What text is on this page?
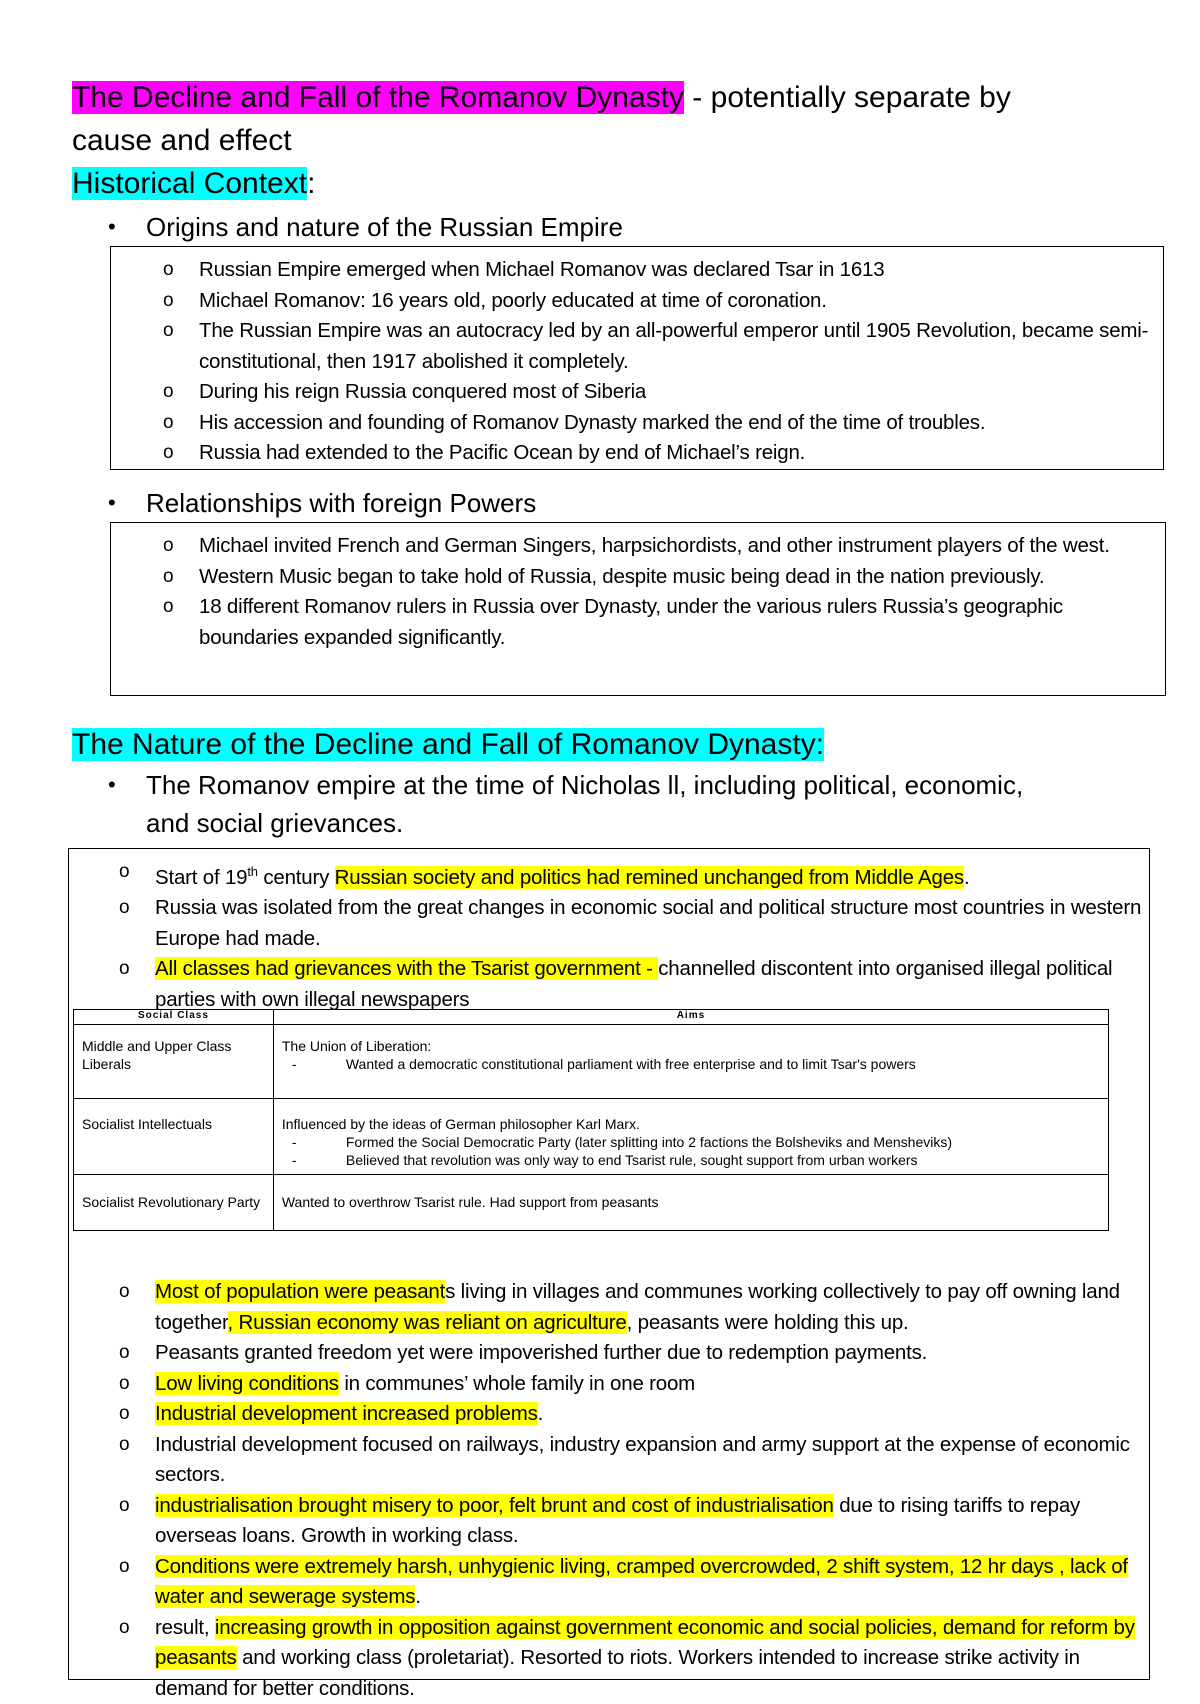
The Decline and Fall of the Romanov Dynasty - potentially separate by
cause and effect
Historical Context:
• Origins and nature of the Russian Empire
o Russian Empire emerged when Michael Romanov was declared Tsar in 1613
o Michael Romanov: 16 years old, poorly educated at time of coronation.
o The Russian Empire was an autocracy led by an all-powerful emperor until 1905 Revolution, became semi- constitutional, then 1917 abolished it completely.
o During his reign Russia conquered most of Siberia
o His accession and founding of Romanov Dynasty marked the end of the time of troubles.
o Russia had extended to the Pacific Ocean by end of Michael’s reign.
• Relationships with foreign Powers
o Michael invited French and German Singers, harpsichordists, and other instrument players of the west.
o Western Music began to take hold of Russia, despite music being dead in the nation previously.
o 18 different Romanov rulers in Russia over Dynasty, under the various rulers Russia’s geographic boundaries expanded significantly.
The Nature of the Decline and Fall of Romanov Dynasty:
• The Romanov empire at the time of Nicholas ll, including political, economic, and social grievances.
o Start of 19th century Russian society and politics had remined unchanged from Middle Ages.
o Russia was isolated from the great changes in economic social and political structure most countries in western Europe had made.
o All classes had grievances with the Tsarist government - channelled discontent into organised illegal political parties with own illegal newspapers
Social Class	Aims
Middle and Upper Class Liberals	The Union of Liberation:
- Wanted a democratic constitutional parliament with free enterprise and to limit Tsar's powers

Socialist Intellectuals	Influenced by the ideas of German philosopher Karl Marx.
- Formed the Social Democratic Party (later splitting into 2 factions the Bolsheviks and Mensheviks)
- Believed that revolution was only way to end Tsarist rule, sought support from urban workers

Socialist Revolutionary Party	Wanted to overthrow Tsarist rule. Had support from peasants
o Most of population were peasants living in villages and communes working collectively to pay off owning land together, Russian economy was reliant on agriculture, peasants were holding this up.
o Peasants granted freedom yet were impoverished further due to redemption payments.
o Low living conditions in communes’ whole family in one room
o Industrial development increased problems.
o Industrial development focused on railways, industry expansion and army support at the expense of economic sectors.
o industrialisation brought misery to poor, felt brunt and cost of industrialisation due to rising tariffs to repay overseas loans. Growth in working class.
o Conditions were extremely harsh, unhygienic living, cramped overcrowded, 2 shift system, 12 hr days , lack of water and sewerage systems.
o result, increasing growth in opposition against government economic and social policies, demand for reform by peasants and working class (proletariat). Resorted to riots. Workers intended to increase strike activity in demand for better conditions.
